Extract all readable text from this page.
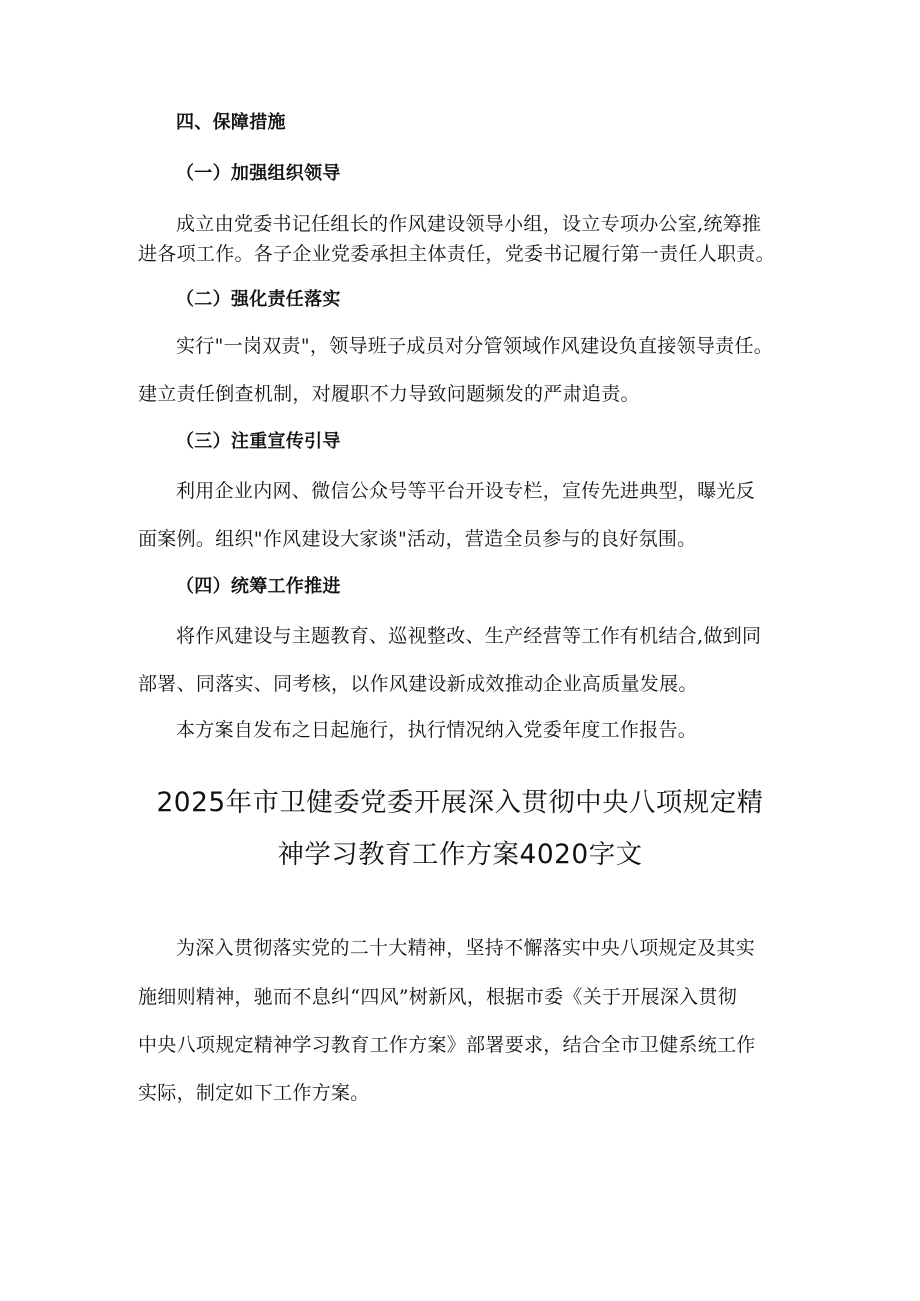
四、保障措施
（一）加强组织领导
成立由党委书记任组长的作风建设领导小组，设立专项办公室,统筹推
进各项工作。各子企业党委承担主体责任，党委书记履行第一责任人职责。
（二）强化责任落实
实行"一岗双责"，领导班子成员对分管领域作风建设负直接领导责任。
建立责任倒查机制，对履职不力导致问题频发的严肃追责。
（三）注重宣传引导
利用企业内网、微信公众号等平台开设专栏，宣传先进典型，曝光反
面案例。组织"作风建设大家谈"活动，营造全员参与的良好氛围。
（四）统筹工作推进
将作风建设与主题教育、巡视整改、生产经营等工作有机结合,做到同
部署、同落实、同考核，以作风建设新成效推动企业高质量发展。
本方案自发布之日起施行，执行情况纳入党委年度工作报告。
2025年市卫健委党委开展深入贯彻中央八项规定精
神学习教育工作方案4020字文
为深入贯彻落实党的二十大精神，坚持不懈落实中央八项规定及其实
施细则精神，驰而不息纠“四风”树新风，根据市委《关于开展深入贯彻
中央八项规定精神学习教育工作方案》部署要求，结合全市卫健系统工作
实际，制定如下工作方案。
